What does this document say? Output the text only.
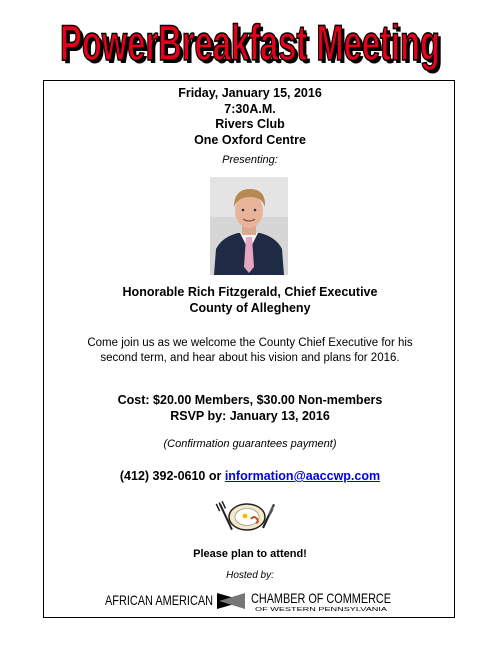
PowerBreakfast Meeting
PowerBreakfast Meeting
Friday, January 15, 2016
7:30A.M.
Rivers Club
One Oxford Centre
Presenting:
Honorable Rich Fitzgerald, Chief Executive
County of Allegheny
Come join us as we welcome the County Chief Executive for his
second term, and hear about his vision and plans for 2016.
Cost: $20.00 Members, $30.00 Non-members
RSVP by: January 13, 2016
(Confirmation guarantees payment)
(412) 392-0610 or information@aaccwp.com
Please plan to attend!
Hosted by:
AFRICAN AMERICAN	CHAMBER OF COMMERCE
OF WESTERN PENNSYLVANIA
